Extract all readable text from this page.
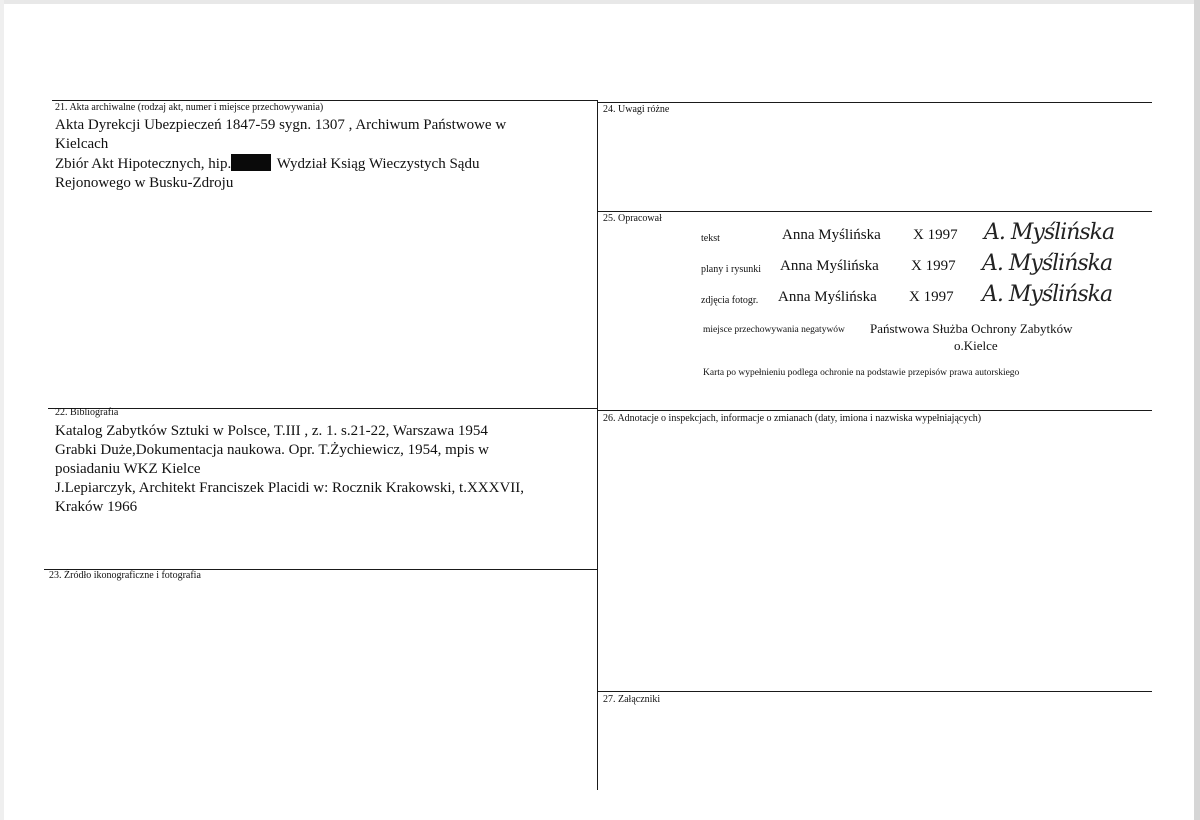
21. Akta archiwalne (rodzaj akt, numer i miejsce przechowywania)
Akta Dyrekcji Ubezpieczeń 1847-59 sygn. 1307 , Archiwum Państwowe w
Kielcach
Zbiór Akt Hipotecznych, hip.	Wydział Ksiąg Wieczystych Sądu
Rejonowego w Busku-Zdroju
24. Uwagi różne
25. Opracował
tekst	Anna Myślińska X 1997 A. Myślińska
plany i rysunki Anna Myślińska X 1997 A. Myślińska
zdjęcia fotogr. Anna Myślińska X 1997 A. Myślińska
miejsce przechowywania negatywów Państwowa Służba Ochrony Zabytków
o.Kielce
Karta po wypełnieniu podlega ochronie na podstawie przepisów prawa autorskiego
22. Bibliografia
Katalog Zabytków Sztuki w Polsce, T.III , z. 1. s.21-22, Warszawa 1954
Grabki Duże,Dokumentacja naukowa. Opr. T.Żychiewicz, 1954, mpis w
posiadaniu WKZ Kielce
J.Lepiarczyk, Architekt Franciszek Placidi w: Rocznik Krakowski, t.XXXVII,
Kraków 1966
26. Adnotacje o inspekcjach, informacje o zmianach (daty, imiona i nazwiska wypełniających)
23. Źródło ikonograficzne i fotografia
27. Załączniki
